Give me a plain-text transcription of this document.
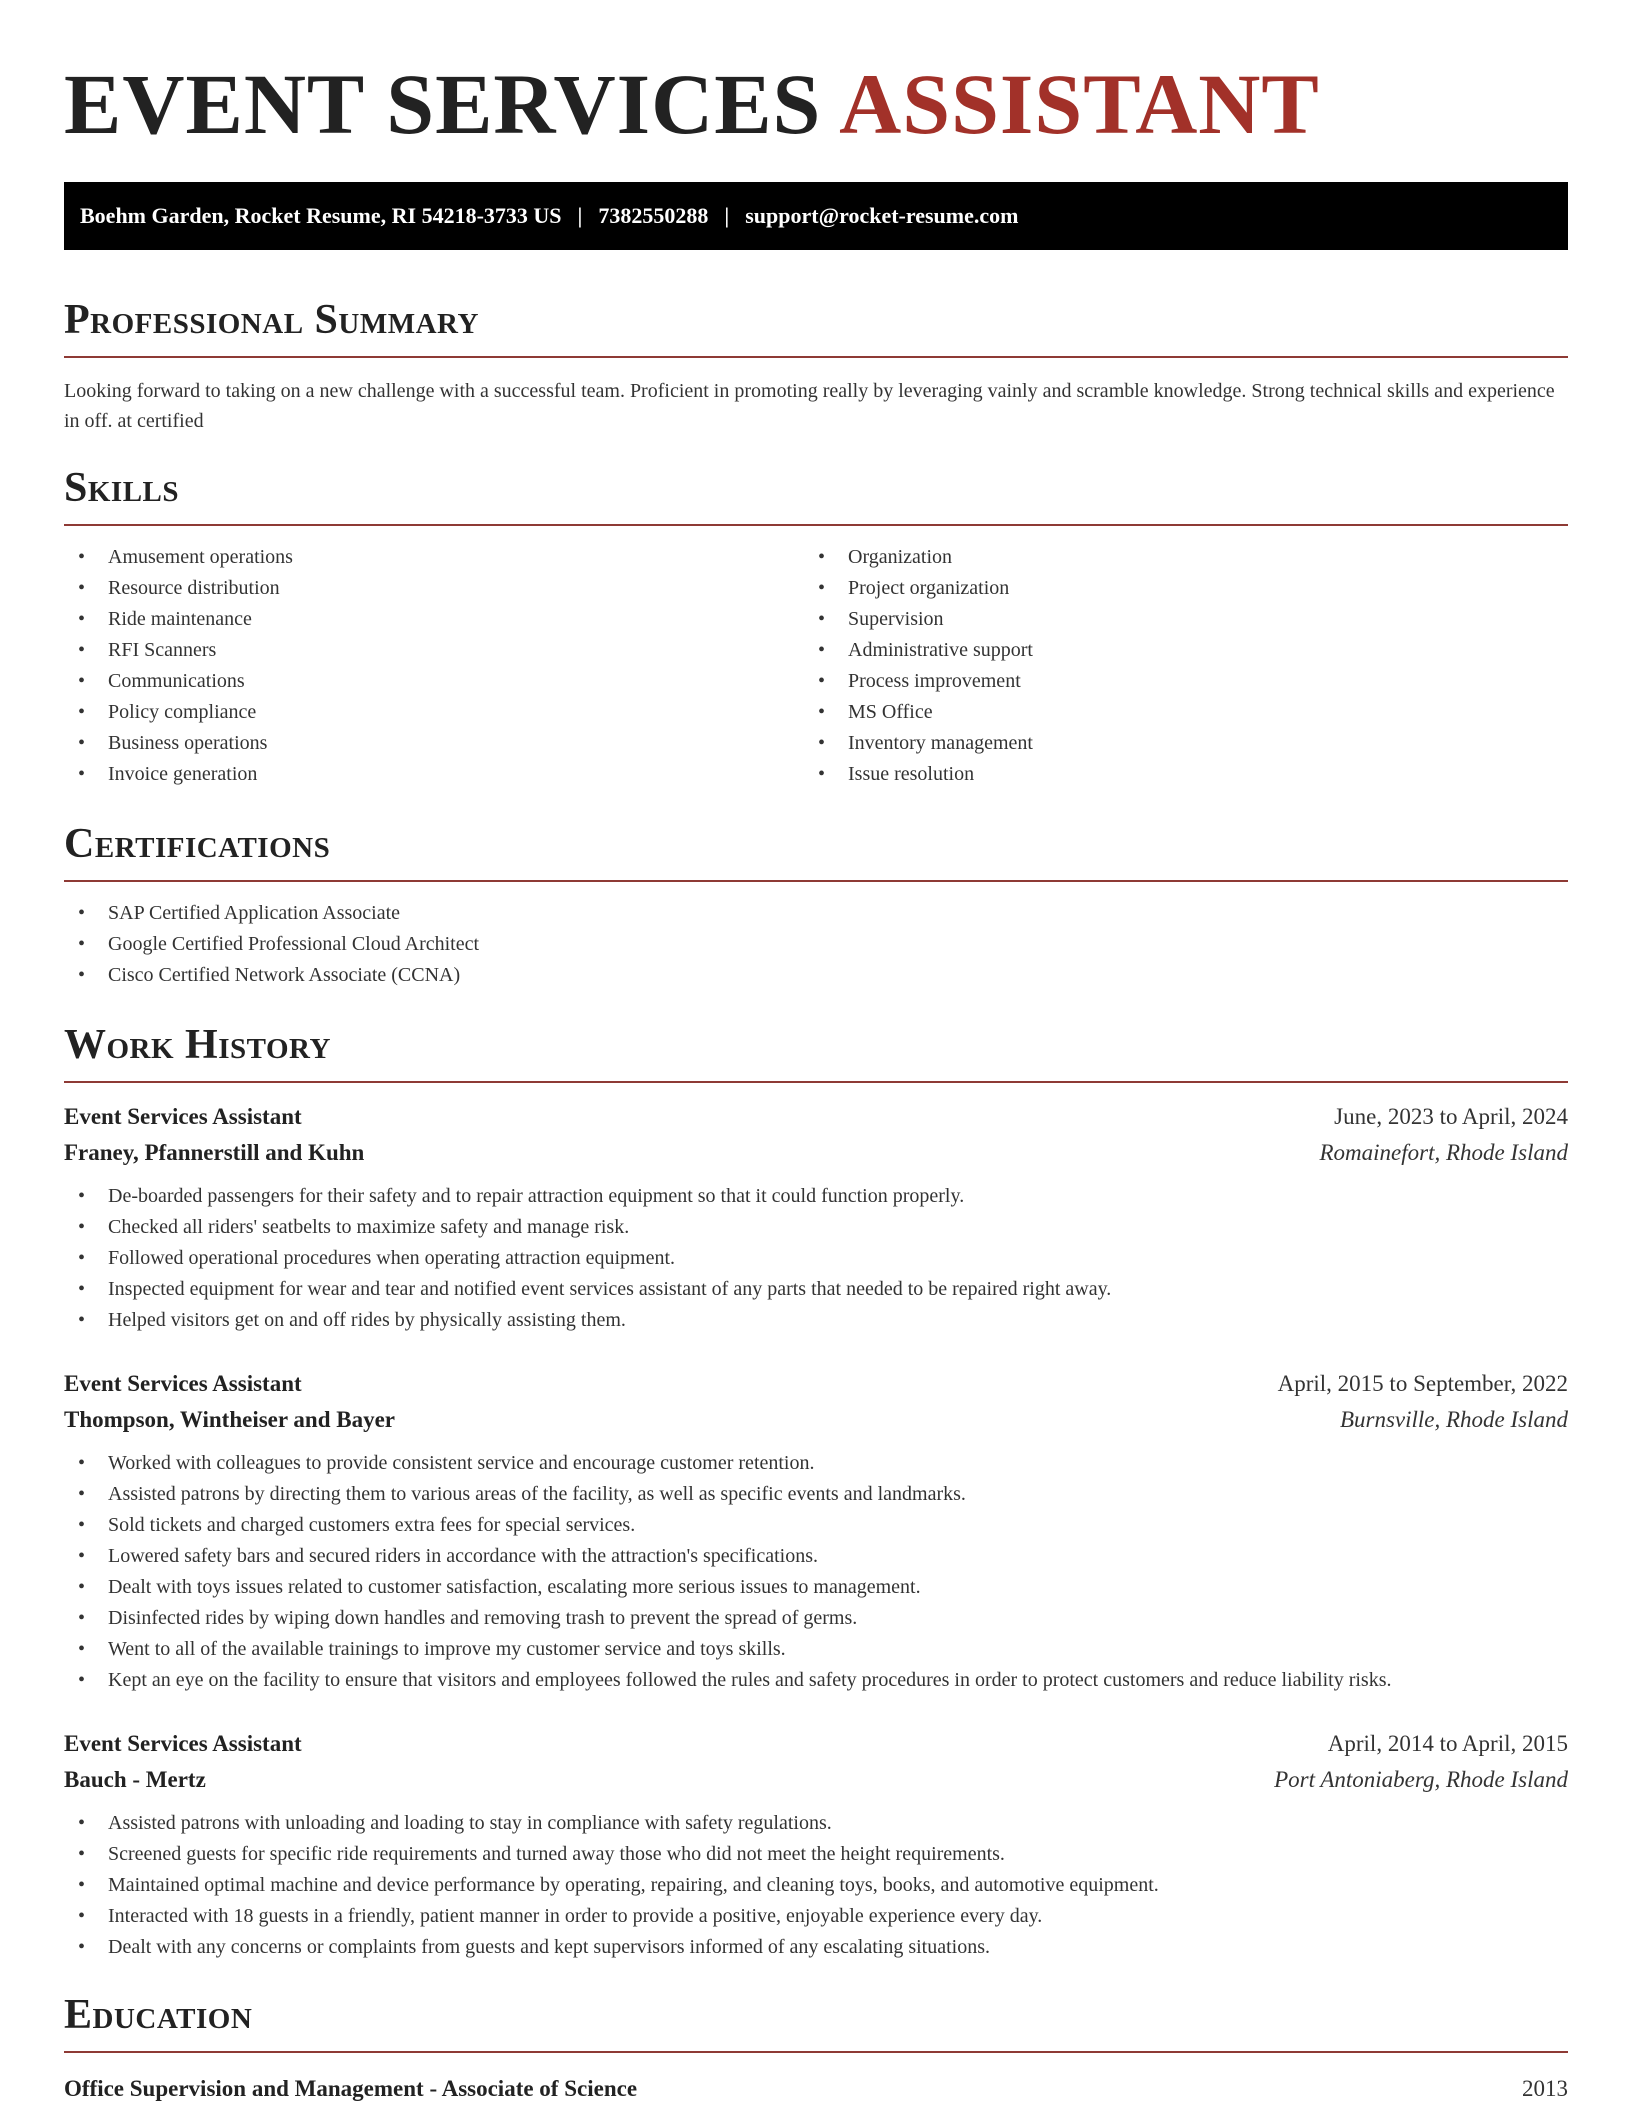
EVENT SERVICES ASSISTANT
Boehm Garden, Rocket Resume, RI 54218-3733 US | 7382550288 | support@rocket-resume.com
Professional Summary

Looking forward to taking on a new challenge with a successful team. Proficient in promoting really by leveraging vainly and scramble knowledge. Strong technical skills and experience in off. at certified

Skills
• Amusement operations
• Resource distribution
• Ride maintenance
• RFI Scanners
• Communications
• Policy compliance
• Business operations
• Invoice generation
• Organization
• Project organization
• Supervision
• Administrative support
• Process improvement
• MS Office
• Inventory management
• Issue resolution
Certifications
• SAP Certified Application Associate
• Google Certified Professional Cloud Architect
• Cisco Certified Network Associate (CCNA)
Work History
Event Services Assistant	June, 2023 to April, 2024
Franey, Pfannerstill and Kuhn	Romainefort, Rhode Island
• De-boarded passengers for their safety and to repair attraction equipment so that it could function properly.
• Checked all riders' seatbelts to maximize safety and manage risk.
• Followed operational procedures when operating attraction equipment.
• Inspected equipment for wear and tear and notified event services assistant of any parts that needed to be repaired right away.
• Helped visitors get on and off rides by physically assisting them.
Event Services Assistant	April, 2015 to September, 2022
Thompson, Wintheiser and Bayer	Burnsville, Rhode Island
• Worked with colleagues to provide consistent service and encourage customer retention.
• Assisted patrons by directing them to various areas of the facility, as well as specific events and landmarks.
• Sold tickets and charged customers extra fees for special services.
• Lowered safety bars and secured riders in accordance with the attraction's specifications.
• Dealt with toys issues related to customer satisfaction, escalating more serious issues to management.
• Disinfected rides by wiping down handles and removing trash to prevent the spread of germs.
• Went to all of the available trainings to improve my customer service and toys skills.
• Kept an eye on the facility to ensure that visitors and employees followed the rules and safety procedures in order to protect customers and reduce liability risks.
Event Services Assistant	April, 2014 to April, 2015
Bauch - Mertz	Port Antoniaberg, Rhode Island
• Assisted patrons with unloading and loading to stay in compliance with safety regulations.
• Screened guests for specific ride requirements and turned away those who did not meet the height requirements.
• Maintained optimal machine and device performance by operating, repairing, and cleaning toys, books, and automotive equipment.
• Interacted with 18 guests in a friendly, patient manner in order to provide a positive, enjoyable experience every day.
• Dealt with any concerns or complaints from guests and kept supervisors informed of any escalating situations.
Education
Office Supervision and Management - Associate of Science	2013
